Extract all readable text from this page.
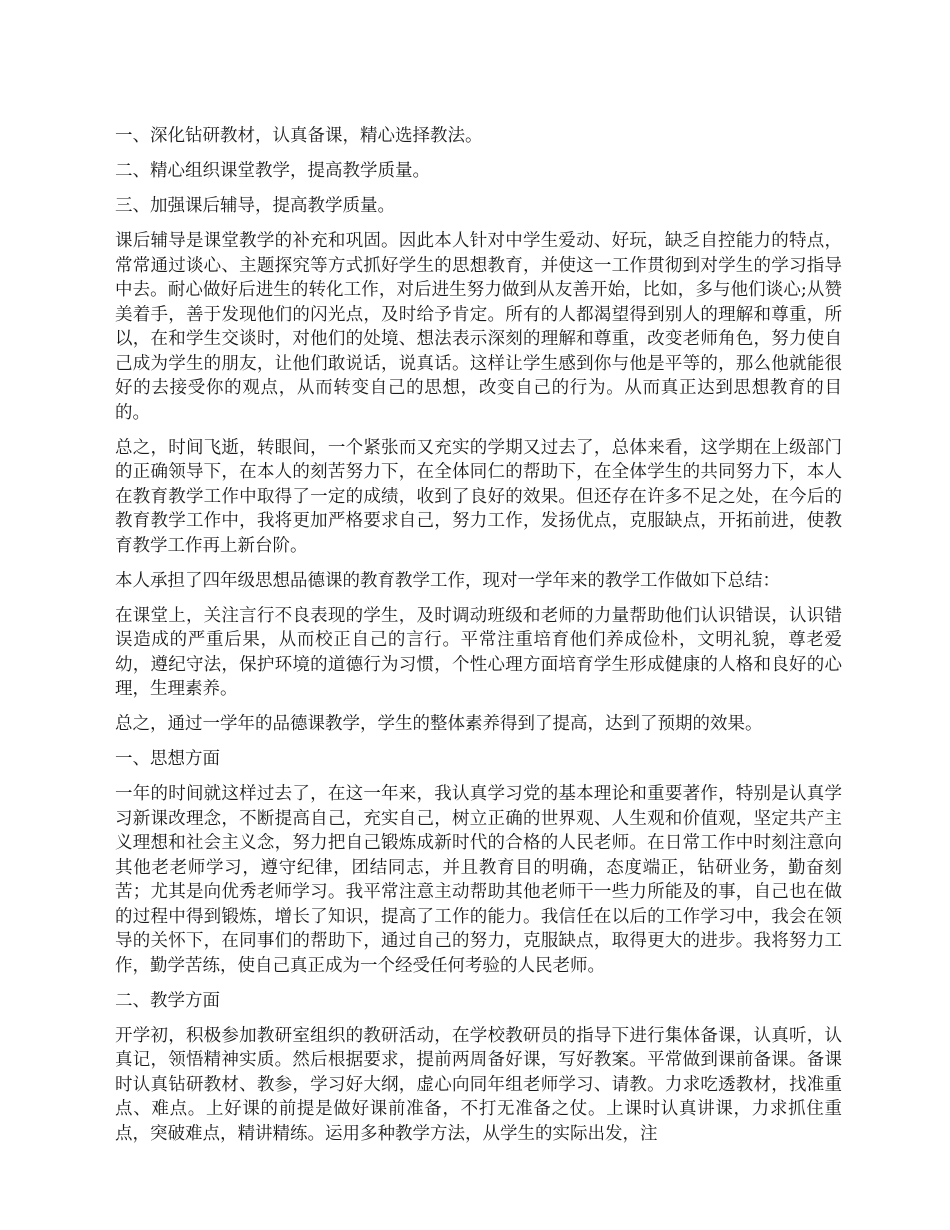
一、深化钻研教材，认真备课，精心选择教法。

二、精心组织课堂教学，提高教学质量。

三、加强课后辅导，提高教学质量。

课后辅导是课堂教学的补充和巩固。因此本人针对中学生爱动、好玩，缺乏自控能力的特点，常常通过谈心、主题探究等方式抓好学生的思想教育，并使这一工作贯彻到对学生的学习指导中去。耐心做好后进生的转化工作，对后进生努力做到从友善开始，比如，多与他们谈心;从赞美着手，善于发现他们的闪光点，及时给予肯定。所有的人都渴望得到别人的理解和尊重，所以，在和学生交谈时，对他们的处境、想法表示深刻的理解和尊重，改变老师角色，努力使自己成为学生的朋友，让他们敢说话，说真话。这样让学生感到你与他是平等的，那么他就能很好的去接受你的观点，从而转变自己的思想，改变自己的行为。从而真正达到思想教育的目的。

总之，时间飞逝，转眼间，一个紧张而又充实的学期又过去了，总体来看，这学期在上级部门的正确领导下，在本人的刻苦努力下，在全体同仁的帮助下，在全体学生的共同努力下，本人在教育教学工作中取得了一定的成绩，收到了良好的效果。但还存在许多不足之处，在今后的教育教学工作中，我将更加严格要求自己，努力工作，发扬优点，克服缺点，开拓前进，使教育教学工作再上新台阶。

本人承担了四年级思想品德课的教育教学工作，现对一学年来的教学工作做如下总结：

在课堂上，关注言行不良表现的学生，及时调动班级和老师的力量帮助他们认识错误，认识错误造成的严重后果，从而校正自己的言行。平常注重培育他们养成俭朴，文明礼貌，尊老爱幼，遵纪守法，保护环境的道德行为习惯，个性心理方面培育学生形成健康的人格和良好的心理，生理素养。

总之，通过一学年的品德课教学，学生的整体素养得到了提高，达到了预期的效果。

一、思想方面

一年的时间就这样过去了，在这一年来，我认真学习党的基本理论和重要著作，特别是认真学习新课改理念，不断提高自己，充实自己，树立正确的世界观、人生观和价值观，坚定共产主义理想和社会主义念，努力把自己锻炼成新时代的合格的人民老师。在日常工作中时刻注意向其他老老师学习，遵守纪律，团结同志，并且教育目的明确，态度端正，钻研业务，勤奋刻苦；尤其是向优秀老师学习。我平常注意主动帮助其他老师干一些力所能及的事，自己也在做的过程中得到锻炼，增长了知识，提高了工作的能力。我信任在以后的工作学习中，我会在领导的关怀下，在同事们的帮助下，通过自己的努力，克服缺点，取得更大的进步。我将努力工作，勤学苦练，使自己真正成为一个经受任何考验的人民老师。

二、教学方面

开学初，积极参加教研室组织的教研活动，在学校教研员的指导下进行集体备课，认真听，认真记，领悟精神实质。然后根据要求，提前两周备好课，写好教案。平常做到课前备课。备课时认真钻研教材、教参，学习好大纲，虚心向同年组老师学习、请教。力求吃透教材，找准重点、难点。上好课的前提是做好课前准备，不打无准备之仗。上课时认真讲课，力求抓住重点，突破难点，精讲精练。运用多种教学方法，从学生的实际出发，注
